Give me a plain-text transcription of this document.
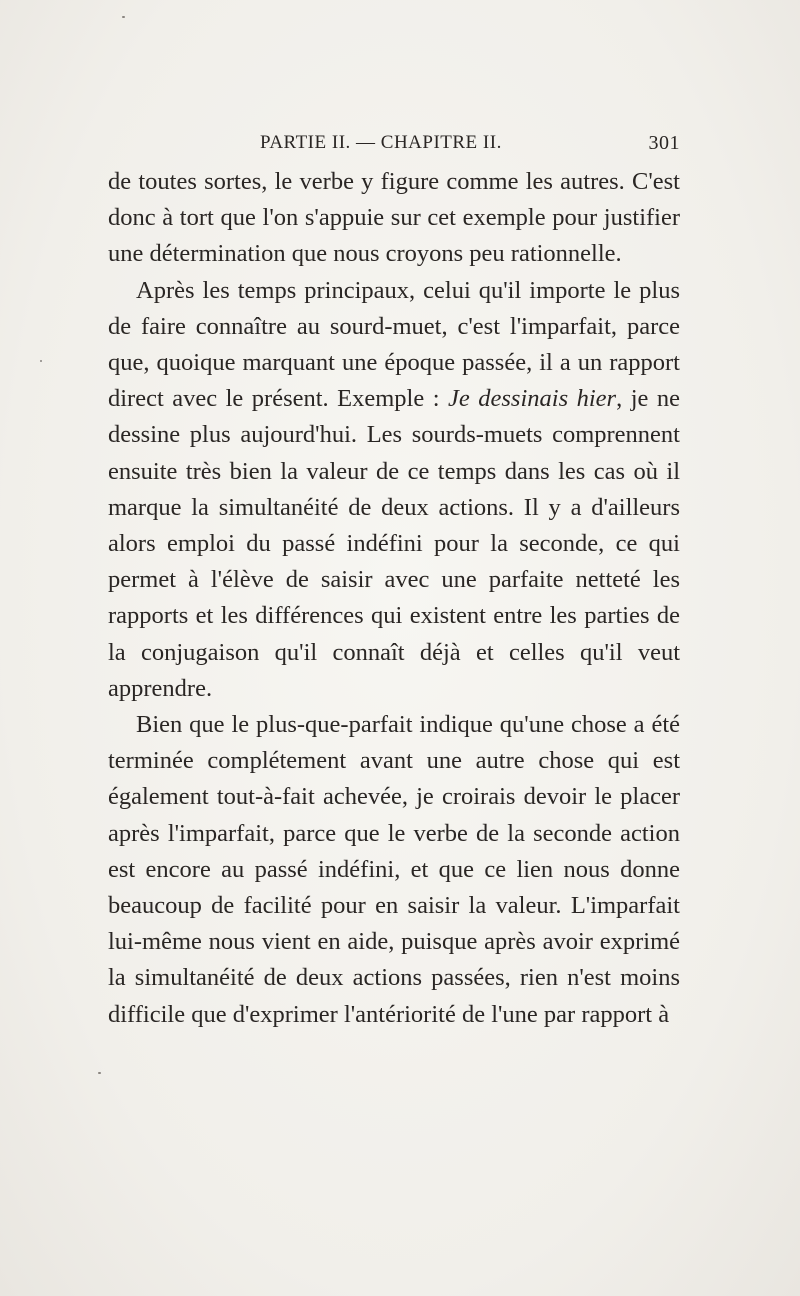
PARTIE II. — CHAPITRE II.	301

de toutes sortes, le verbe y figure comme les autres. C'est donc à tort que l'on s'appuie sur cet exemple pour justifier une détermination que nous croyons peu rationnelle.

Après les temps principaux, celui qu'il importe le plus de faire connaître au sourd-muet, c'est l'imparfait, parce que, quoique marquant une époque passée, il a un rapport direct avec le présent. Exemple : Je dessinais hier, je ne dessine plus aujourd'hui. Les sourds-muets comprennent ensuite très bien la valeur de ce temps dans les cas où il marque la simultanéité de deux actions. Il y a d'ailleurs alors emploi du passé indéfini pour la seconde, ce qui permet à l'élève de saisir avec une parfaite netteté les rapports et les différences qui existent entre les parties de la conjugaison qu'il connaît déjà et celles qu'il veut apprendre.

Bien que le plus-que-parfait indique qu'une chose a été terminée complétement avant une autre chose qui est également tout-à-fait achevée, je croirais devoir le placer après l'imparfait, parce que le verbe de la seconde action est encore au passé indéfini, et que ce lien nous donne beaucoup de facilité pour en saisir la valeur. L'imparfait lui-même nous vient en aide, puisque après avoir exprimé la simultanéité de deux actions passées, rien n'est moins difficile que d'exprimer l'antériorité de l'une par rapport à
